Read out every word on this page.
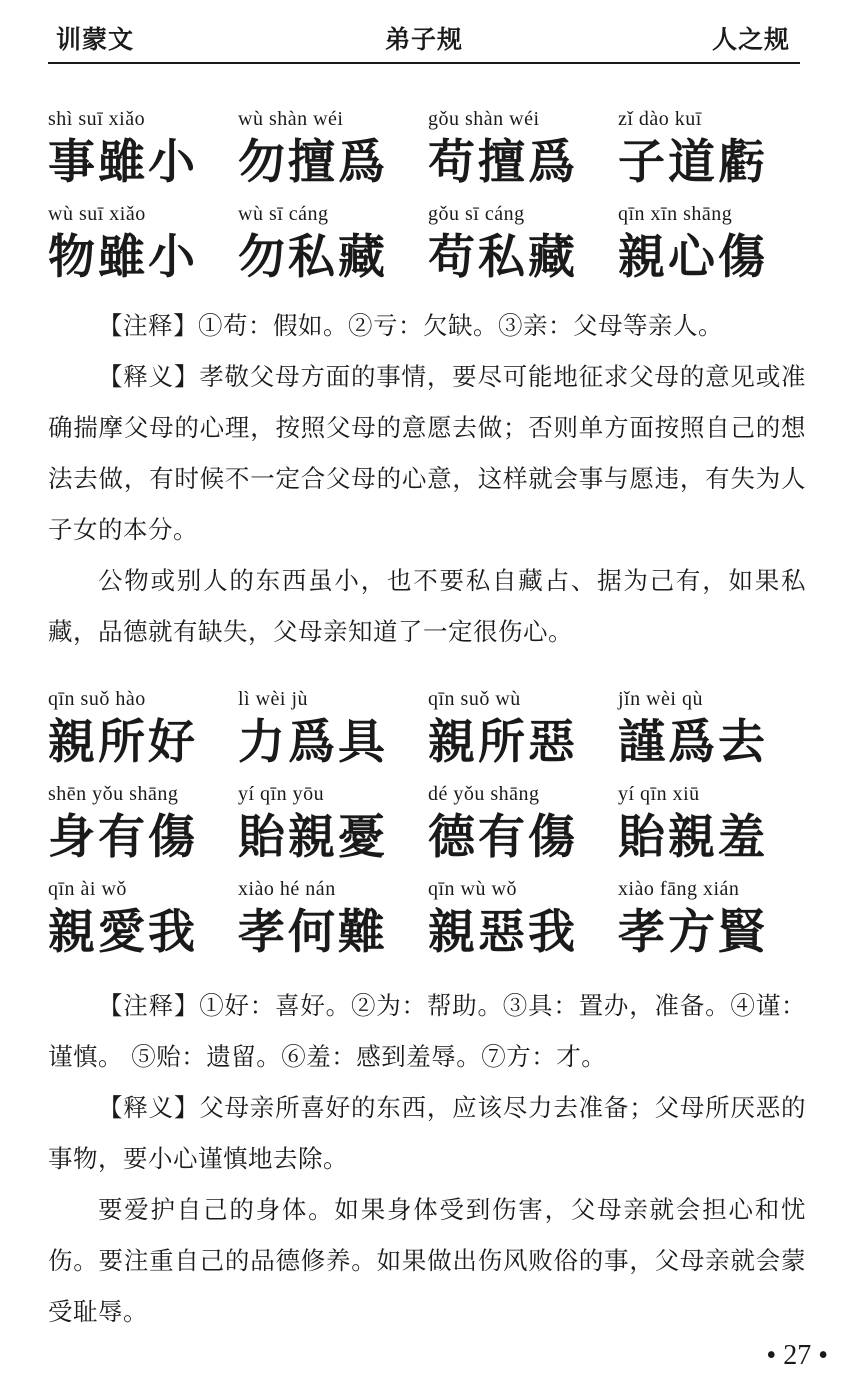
训蒙文	弟子规	人之规
shì suī xiǎo
事雖小
wù shàn wéi
勿擅爲
gǒu shàn wéi
苟擅爲
zǐ dào kuī
子道虧
wù suī xiǎo
物雖小
wù sī cáng
勿私藏
gǒu sī cáng
苟私藏
qīn xīn shāng
親心傷

【注释】①苟：假如。②亏：欠缺。③亲：父母等亲人。

【释义】孝敬父母方面的事情，要尽可能地征求父母的意见或准确揣摩父母的心理，按照父母的意愿去做；否则单方面按照自己的想法去做，有时候不一定合父母的心意，这样就会事与愿违，有失为人子女的本分。

公物或别人的东西虽小，也不要私自藏占、据为己有，如果私藏，品德就有缺失，父母亲知道了一定很伤心。

qīn suǒ hào
親所好
lì wèi jù
力爲具
qīn suǒ wù
親所惡
jǐn wèi qù
謹爲去
shēn yǒu shāng
身有傷
yí qīn yōu
貽親憂
dé yǒu shāng
德有傷
yí qīn xiū
貽親羞
qīn ài wǒ
親愛我
xiào hé nán
孝何難
qīn wù wǒ
親惡我
xiào fāng xián
孝方賢

【注释】①好：喜好。②为：帮助。③具：置办，准备。④谨：谨慎。 ⑤贻：遗留。⑥羞：感到羞辱。⑦方：才。

【释义】父母亲所喜好的东西，应该尽力去准备；父母所厌恶的事物，要小心谨慎地去除。

要爱护自己的身体。如果身体受到伤害，父母亲就会担心和忧伤。要注重自己的品德修养。如果做出伤风败俗的事，父母亲就会蒙受耻辱。

• 27 •
